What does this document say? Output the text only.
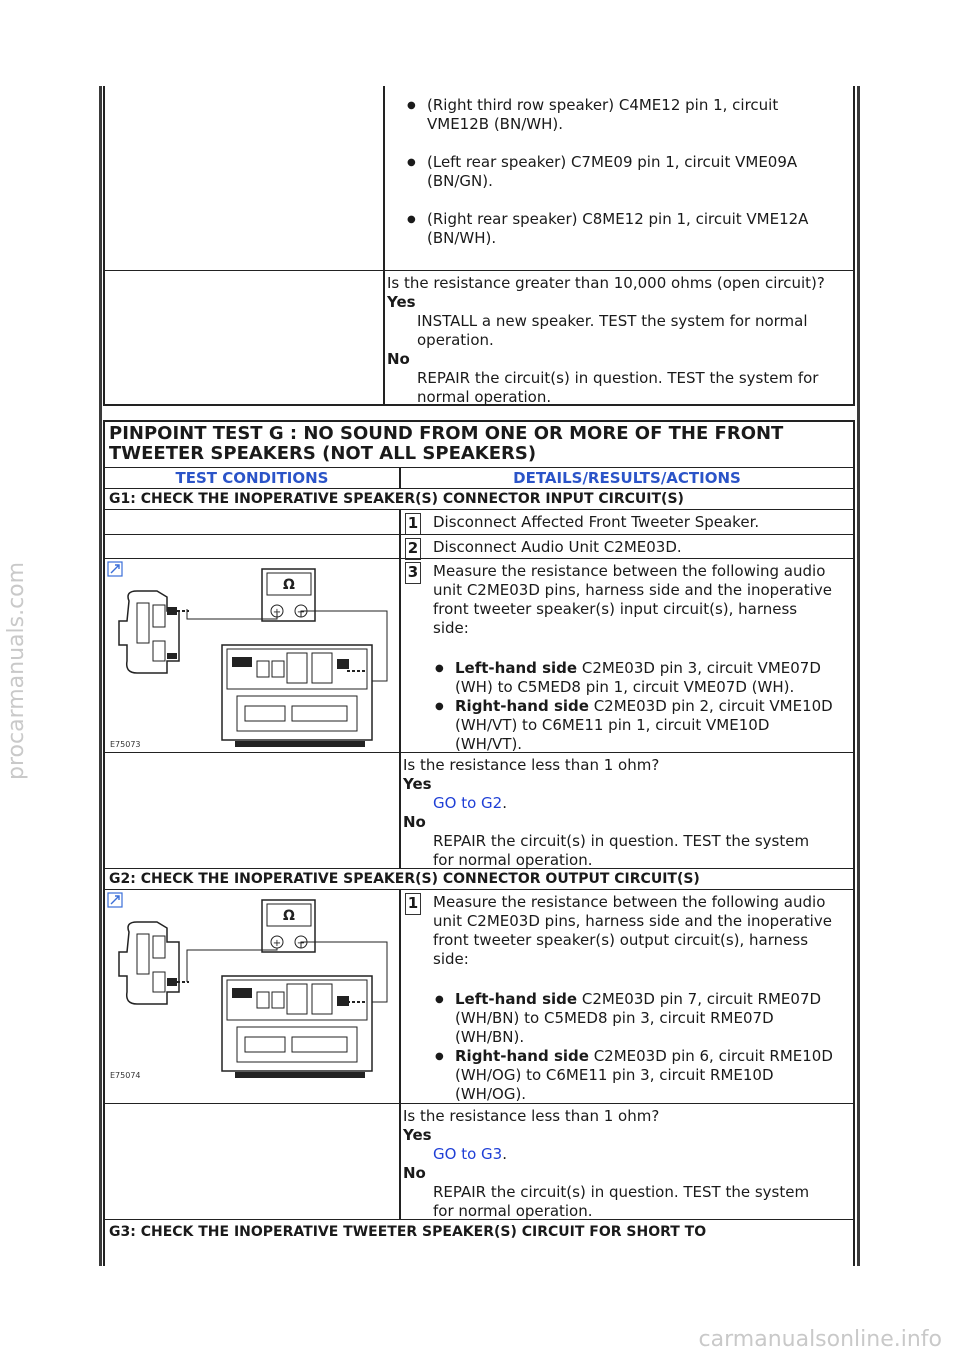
procarmanuals.com
carmanualsonline.info
● (Right third row speaker) C4ME12 pin 1, circuit
VME12B (BN/WH).
● (Left rear speaker) C7ME09 pin 1, circuit VME09A
(BN/GN).
● (Right rear speaker) C8ME12 pin 1, circuit VME12A
(BN/WH).
Is the resistance greater than 10,000 ohms (open circuit)?
Yes
INSTALL a new speaker. TEST the system for normal
operation.
No
REPAIR the circuit(s) in question. TEST the system for
normal operation.
PINPOINT TEST G : NO SOUND FROM ONE OR MORE OF THE FRONT
TWEETER SPEAKERS (NOT ALL SPEAKERS)
TEST CONDITIONS	DETAILS/RESULTS/ACTIONS
G1: CHECK THE INOPERATIVE SPEAKER(S) CONNECTOR INPUT CIRCUIT(S)
1 Disconnect Affected Front Tweeter Speaker.
2 Disconnect Audio Unit C2ME03D.
Ω
+ −
E75073
3 Measure the resistance between the following audio
unit C2ME03D pins, harness side and the inoperative
front tweeter speaker(s) input circuit(s), harness
side:
● Left-hand side C2ME03D pin 3, circuit VME07D
(WH) to C5MED8 pin 1, circuit VME07D (WH).
● Right-hand side C2ME03D pin 2, circuit VME10D
(WH/VT) to C6ME11 pin 1, circuit VME10D
(WH/VT).
Is the resistance less than 1 ohm?
Yes
GO to G2.
No
REPAIR the circuit(s) in question. TEST the system
for normal operation.
G2: CHECK THE INOPERATIVE SPEAKER(S) CONNECTOR OUTPUT CIRCUIT(S)
Ω
+ −
E75074
1 Measure the resistance between the following audio
unit C2ME03D pins, harness side and the inoperative
front tweeter speaker(s) output circuit(s), harness
side:
● Left-hand side C2ME03D pin 7, circuit RME07D
(WH/BN) to C5MED8 pin 3, circuit RME07D
(WH/BN).
● Right-hand side C2ME03D pin 6, circuit RME10D
(WH/OG) to C6ME11 pin 3, circuit RME10D
(WH/OG).
Is the resistance less than 1 ohm?
Yes
GO to G3.
No
REPAIR the circuit(s) in question. TEST the system
for normal operation.
G3: CHECK THE INOPERATIVE TWEETER SPEAKER(S) CIRCUIT FOR SHORT TO
